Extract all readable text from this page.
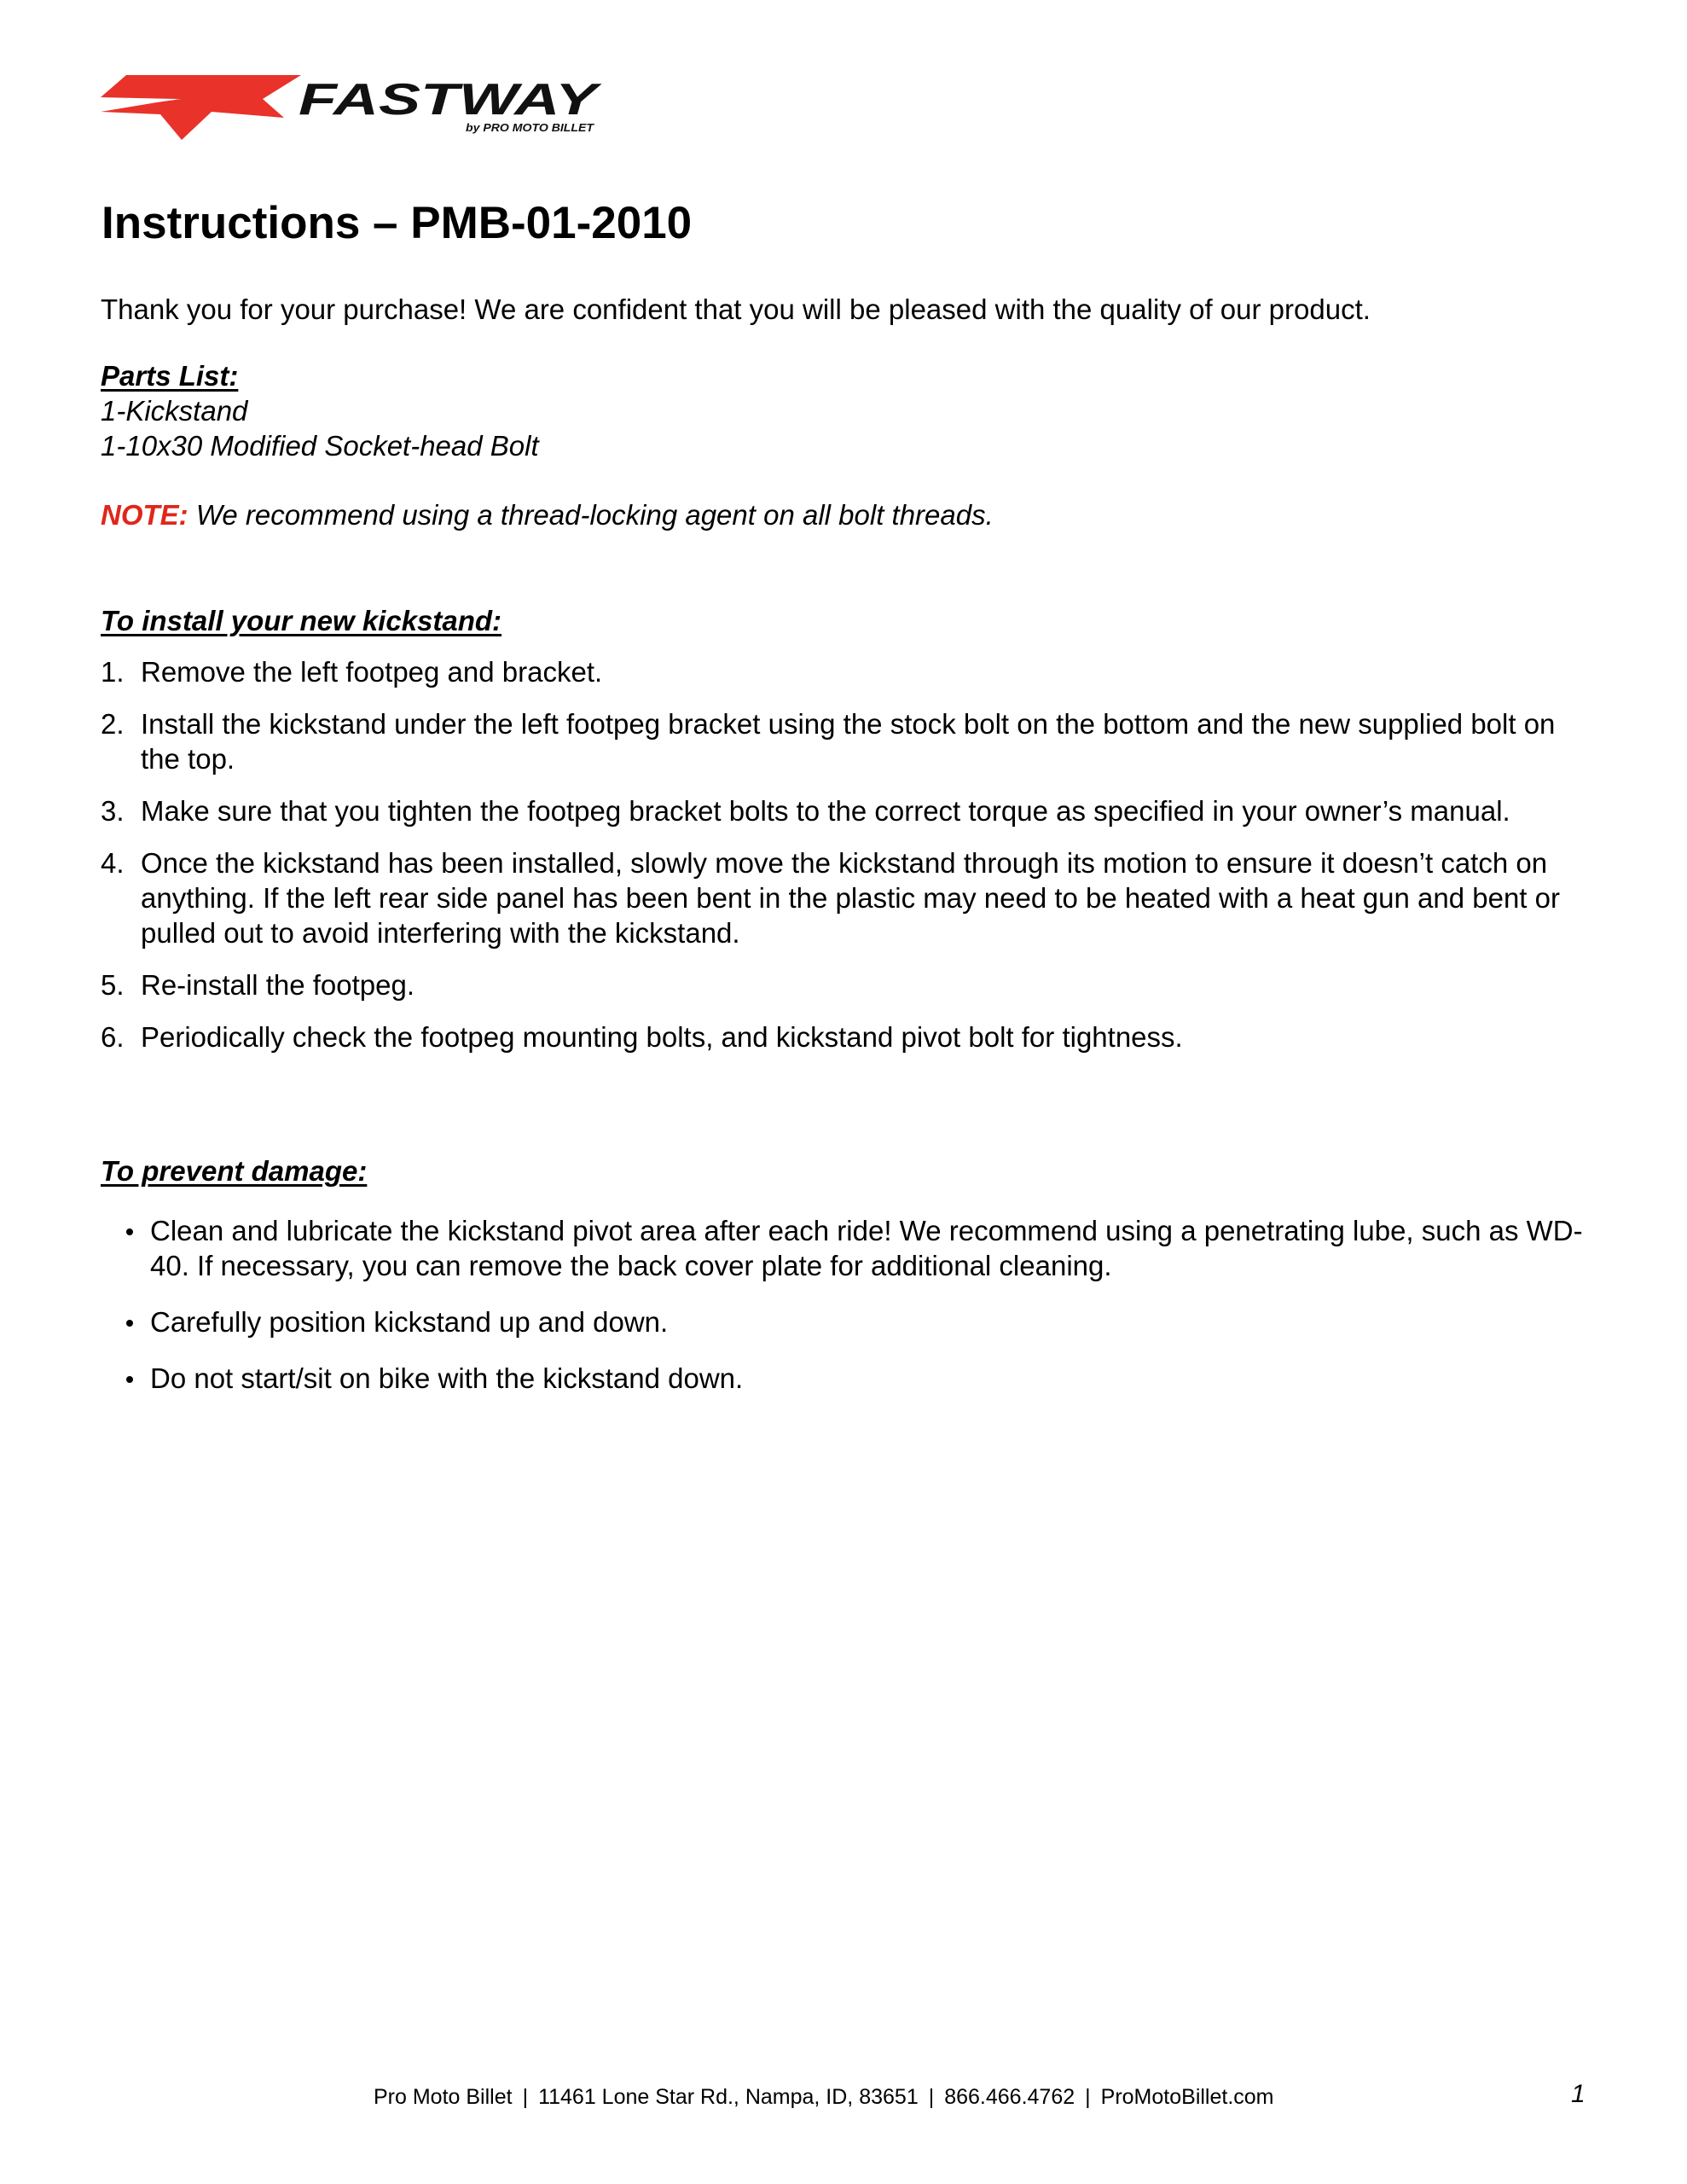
FASTWAY
by PRO MOTO BILLET
Instructions – PMB-01-2010
Thank you for your purchase! We are confident that you will be pleased with the quality of our product.
Parts List:
1-Kickstand
1-10x30 Modified Socket-head Bolt
NOTE: We recommend using a thread-locking agent on all bolt threads.
To install your new kickstand:
1. Remove the left footpeg and bracket.
2. Install the kickstand under the left footpeg bracket using the stock bolt on the bottom and the new supplied bolt on the top.
3. Make sure that you tighten the footpeg bracket bolts to the correct torque as specified in your owner’s manual.
4. Once the kickstand has been installed, slowly move the kickstand through its motion to ensure it doesn’t catch on anything. If the left rear side panel has been bent in the plastic may need to be heated with a heat gun and bent or pulled out to avoid interfering with the kickstand.
5. Re-install the footpeg.
6. Periodically check the footpeg mounting bolts, and kickstand pivot bolt for tightness.
To prevent damage:
Clean and lubricate the kickstand pivot area after each ride! We recommend using a penetrating lube, such as WD-40. If necessary, you can remove the back cover plate for additional cleaning.
Carefully position kickstand up and down.
Do not start/sit on bike with the kickstand down.
Pro Moto Billet | 11461 Lone Star Rd., Nampa, ID, 83651 | 866.466.4762 | ProMotoBillet.com	1
